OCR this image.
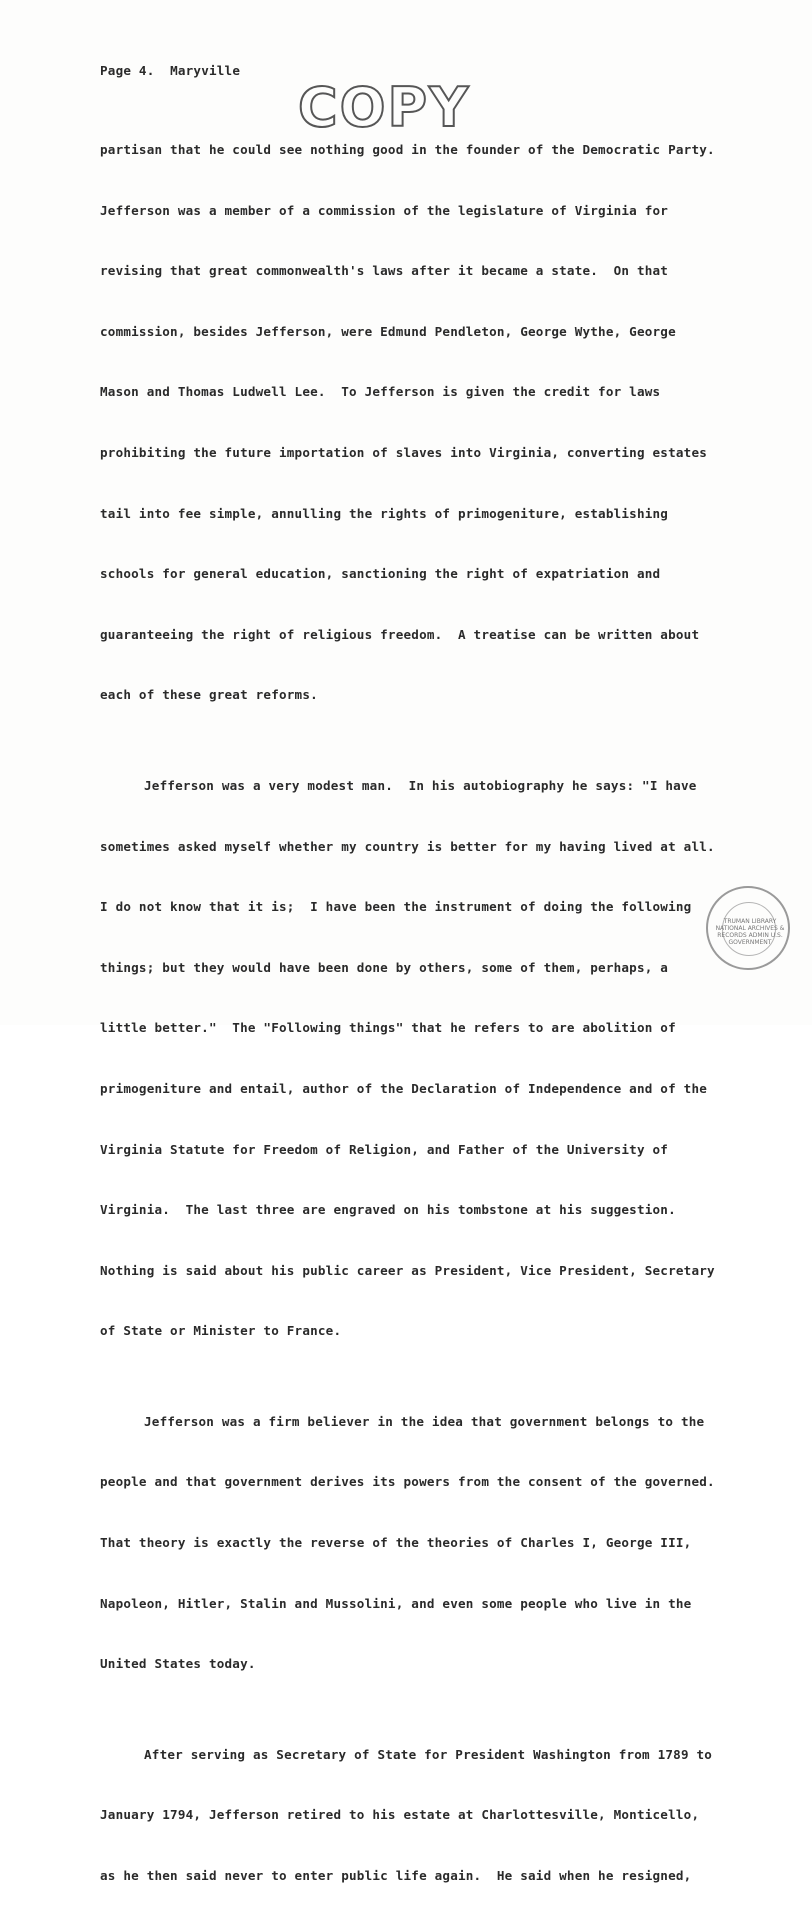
Page 4. Maryville
COPY

partisan that he could see nothing good in the founder of the Democratic Party.

Jefferson was a member of a commission of the legislature of Virginia for

revising that great commonwealth's laws after it became a state.  On that

commission, besides Jefferson, were Edmund Pendleton, George Wythe, George

Mason and Thomas Ludwell Lee.  To Jefferson is given the credit for laws

prohibiting the future importation of slaves into Virginia, converting estates

tail into fee simple, annulling the rights of primogeniture, establishing

schools for general education, sanctioning the right of expatriation and

guaranteeing the right of religious freedom.  A treatise can be written about

each of these great reforms.

Jefferson was a very modest man.  In his autobiography he says: "I have

sometimes asked myself whether my country is better for my having lived at all.

I do not know that it is;  I have been the instrument of doing the following

things; but they would have been done by others, some of them, perhaps, a

little better."  The "Following things" that he refers to are abolition of

primogeniture and entail, author of the Declaration of Independence and of the

Virginia Statute for Freedom of Religion, and Father of the University of

Virginia.  The last three are engraved on his tombstone at his suggestion.

Nothing is said about his public career as President, Vice President, Secretary

of State or Minister to France.

Jefferson was a firm believer in the idea that government belongs to the

people and that government derives its powers from the consent of the governed.

That theory is exactly the reverse of the theories of Charles I, George III,

Napoleon, Hitler, Stalin and Mussolini, and even some people who live in the

United States today.

After serving as Secretary of State for President Washington from 1789 to

January 1794, Jefferson retired to his estate at Charlottesville, Monticello,

as he then said never to enter public life again.  He said when he resigned,

TRUMAN LIBRARY NATIONAL ARCHIVES & RECORDS ADMIN U.S. GOVERNMENT
